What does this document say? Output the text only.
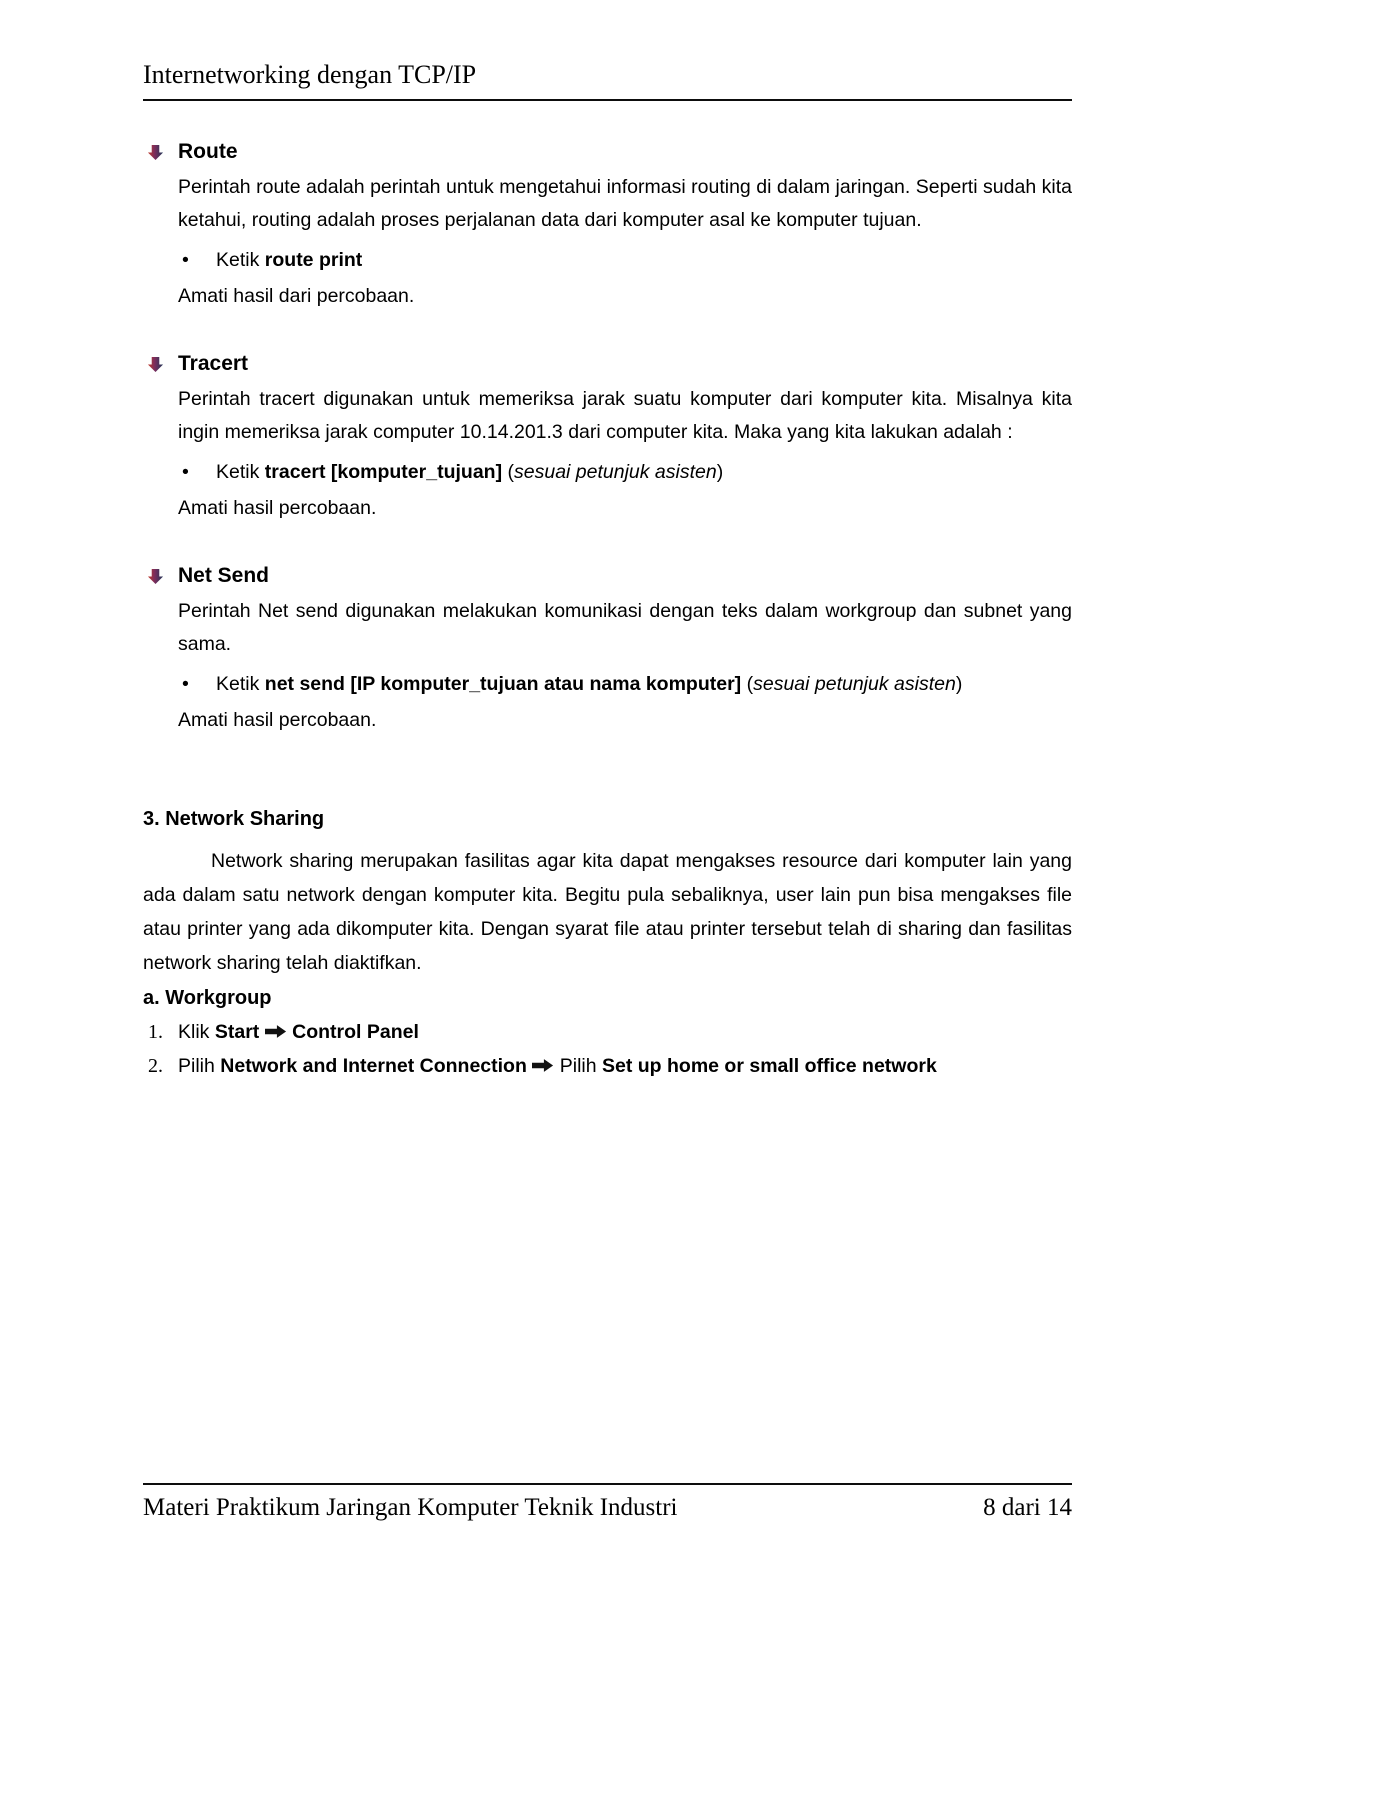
Internetworking dengan TCP/IP
Route

Perintah route adalah perintah untuk mengetahui informasi routing di dalam jaringan. Seperti sudah kita ketahui, routing adalah proses perjalanan data dari komputer asal ke komputer tujuan.

•	Ketik route print

Amati hasil dari percobaan.

Tracert

Perintah tracert digunakan untuk memeriksa jarak suatu komputer dari komputer kita. Misalnya kita ingin memeriksa jarak computer 10.14.201.3 dari computer kita. Maka yang kita lakukan adalah :

•	Ketik tracert [komputer_tujuan] (sesuai petunjuk asisten)

Amati hasil percobaan.

Net Send

Perintah Net send digunakan melakukan komunikasi dengan teks dalam workgroup dan subnet yang sama.

•	Ketik net send [IP komputer_tujuan atau nama komputer] (sesuai petunjuk asisten)

Amati hasil percobaan.

3. Network Sharing

Network sharing merupakan fasilitas agar kita dapat mengakses resource dari komputer lain yang ada dalam satu network dengan komputer kita. Begitu pula sebaliknya, user lain pun bisa mengakses file atau printer yang ada dikomputer kita. Dengan syarat file atau printer tersebut telah di sharing dan fasilitas network sharing telah diaktifkan.

a. Workgroup
1. Klik Start  Control Panel
2. Pilih Network and Internet Connection  Pilih Set up home or small office network
Materi Praktikum Jaringan Komputer Teknik Industri	8 dari 14
